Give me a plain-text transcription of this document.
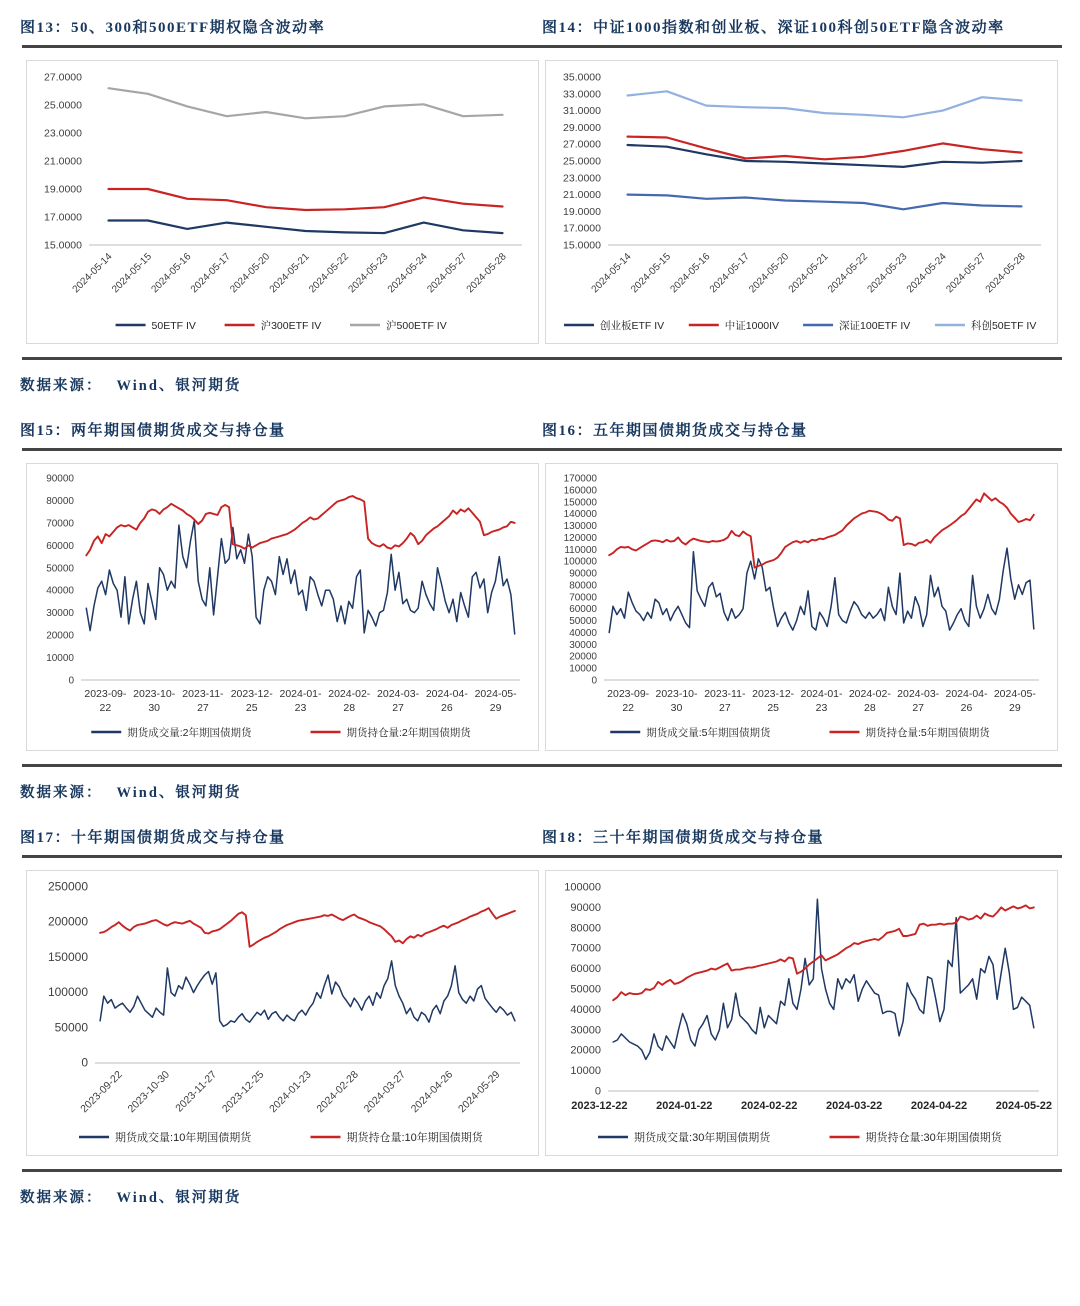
图13：50、300和500ETF期权隐含波动率	图14：中证1000指数和创业板、深证100科创50ETF隐含波动率
15.0000
17.0000
19.0000
21.0000
23.0000
25.0000
27.0000
2024-05-14
2024-05-15
2024-05-16
2024-05-17
2024-05-20
2024-05-21
2024-05-22
2024-05-23
2024-05-24
2024-05-27
2024-05-28
50ETF IV	沪300ETF IV	沪500ETF IV
15.0000
17.0000
19.0000
21.0000
23.0000
25.0000
27.0000
29.0000
31.0000
33.0000
35.0000
2024-05-14
2024-05-15
2024-05-16
2024-05-17
2024-05-20
2024-05-21
2024-05-22
2024-05-23
2024-05-24
2024-05-27
2024-05-28
创业板ETF IV	中证1000IV	深证100ETF IV	科创50ETF IV
数据来源： Wind、银河期货
图15：两年期国债期货成交与持仓量	图16：五年期国债期货成交与持仓量
0
10000
20000
30000
40000
50000
60000
70000
80000
90000
2023-09-
22
2023-10-
30
2023-11-
27
2023-12-
25
2024-01-
23
2024-02-
28
2024-03-
27
2024-04-
26
2024-05-
29
期货成交量:2年期国债期货	期货持仓量:2年期国债期货
0
10000
20000
30000
40000
50000
60000
70000
80000
90000
100000
110000
120000
130000
140000
150000
160000
170000
2023-09-
22
2023-10-
30
2023-11-
27
2023-12-
25
2024-01-
23
2024-02-
28
2024-03-
27
2024-04-
26
2024-05-
29
期货成交量:5年期国债期货	期货持仓量:5年期国债期货
数据来源： Wind、银河期货
图17：十年期国债期货成交与持仓量	图18：三十年期国债期货成交与持仓量
0
50000
100000
150000
200000
250000
2023-09-22 2023-10-30 2023-11-27 2023-12-25 2024-01-23 2024-02-28 2024-03-27 2024-04-26 2024-05-29
期货成交量:10年期国债期货	期货持仓量:10年期国债期货
0
10000
20000
30000
40000
50000
60000
70000
80000
90000
100000
2023-12-22	2024-01-22	2024-02-22	2024-03-22	2024-04-22	2024-05-22
期货成交量:30年期国债期货	期货持仓量:30年期国债期货
数据来源： Wind、银河期货
